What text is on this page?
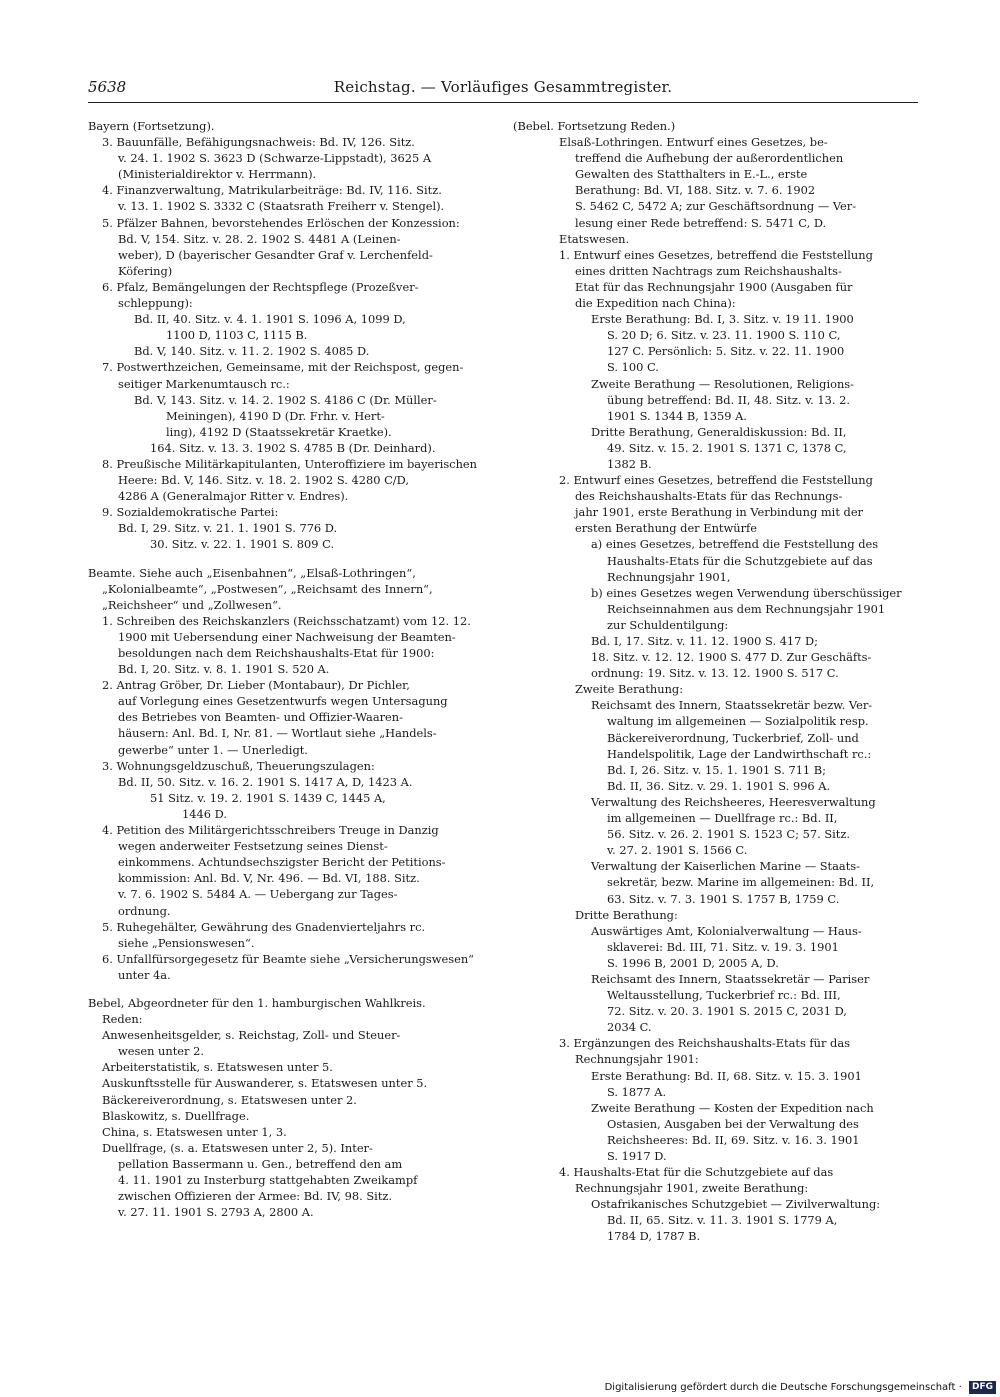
5638	Reichstag. — Vorläufiges Gesammtregister.
Bayern (Fortsetzung).
3. Bauunfälle, Befähigungsnachweis: Bd. IV, 126. Sitz.
v. 24. 1. 1902 S. 3623 D (Schwarze-Lippstadt), 3625 A
(Ministerialdirektor v. Herrmann).
4. Finanzverwaltung, Matrikularbeiträge: Bd. IV, 116. Sitz.
v. 13. 1. 1902 S. 3332 C (Staatsrath Freiherr v. Stengel).
5. Pfälzer Bahnen, bevorstehendes Erlöschen der Konzession:
Bd. V, 154. Sitz. v. 28. 2. 1902 S. 4481 A (Leinen-
weber), D (bayerischer Gesandter Graf v. Lerchenfeld-
Köfering)
6. Pfalz, Bemängelungen der Rechtspflege (Prozeßver-
schleppung):
Bd. II, 40. Sitz. v. 4. 1. 1901 S. 1096 A, 1099 D,
1100 D, 1103 C, 1115 B.
Bd. V, 140. Sitz. v. 11. 2. 1902 S. 4085 D.
7. Postwerthzeichen, Gemeinsame, mit der Reichspost, gegen-
seitiger Markenumtausch rc.:
Bd. V, 143. Sitz. v. 14. 2. 1902 S. 4186 C (Dr. Müller-
Meiningen), 4190 D (Dr. Frhr. v. Hert-
ling), 4192 D (Staatssekretär Kraetke).
164. Sitz. v. 13. 3. 1902 S. 4785 B (Dr. Deinhard).
8. Preußische Militärkapitulanten, Unteroffiziere im bayerischen
Heere: Bd. V, 146. Sitz. v. 18. 2. 1902 S. 4280 C/D,
4286 A (Generalmajor Ritter v. Endres).
9. Sozialdemokratische Partei:
Bd. I, 29. Sitz. v. 21. 1. 1901 S. 776 D.
30. Sitz. v. 22. 1. 1901 S. 809 C.
Beamte. Siehe auch „Eisenbahnen“, „Elsaß-Lothringen“,
„Kolonialbeamte“, „Postwesen“, „Reichsamt des Innern“,
„Reichsheer“ und „Zollwesen“.
1. Schreiben des Reichskanzlers (Reichsschatzamt) vom 12. 12.
1900 mit Uebersendung einer Nachweisung der Beamten-
besoldungen nach dem Reichshaushalts-Etat für 1900:
Bd. I, 20. Sitz. v. 8. 1. 1901 S. 520 A.
2. Antrag Gröber, Dr. Lieber (Montabaur), Dr Pichler,
auf Vorlegung eines Gesetzentwurfs wegen Untersagung
des Betriebes von Beamten- und Offizier-Waaren-
häusern: Anl. Bd. I, Nr. 81. — Wortlaut siehe „Handels-
gewerbe“ unter 1. — Unerledigt.
3. Wohnungsgeldzuschuß, Theuerungszulagen:
Bd. II, 50. Sitz. v. 16. 2. 1901 S. 1417 A, D, 1423 A.
51 Sitz. v. 19. 2. 1901 S. 1439 C, 1445 A,
1446 D.
4. Petition des Militärgerichtsschreibers Treuge in Danzig
wegen anderweiter Festsetzung seines Dienst-
einkommens. Achtundsechszigster Bericht der Petitions-
kommission: Anl. Bd. V, Nr. 496. — Bd. VI, 188. Sitz.
v. 7. 6. 1902 S. 5484 A. — Uebergang zur Tages-
ordnung.
5. Ruhegehälter, Gewährung des Gnadenvierteljahrs rc.
siehe „Pensionswesen“.
6. Unfallfürsorgegesetz für Beamte siehe „Versicherungswesen“
unter 4a.
Bebel, Abgeordneter für den 1. hamburgischen Wahlkreis.
Reden:
Anwesenheitsgelder, s. Reichstag, Zoll- und Steuer-
wesen unter 2.
Arbeiterstatistik, s. Etatswesen unter 5.
Auskunftsstelle für Auswanderer, s. Etatswesen unter 5.
Bäckereiverordnung, s. Etatswesen unter 2.
Blaskowitz, s. Duellfrage.
China, s. Etatswesen unter 1, 3.
Duellfrage, (s. a. Etatswesen unter 2, 5). Inter-
pellation Bassermann u. Gen., betreffend den am
4. 11. 1901 zu Insterburg stattgehabten Zweikampf
zwischen Offizieren der Armee: Bd. IV, 98. Sitz.
v. 27. 11. 1901 S. 2793 A, 2800 A.
(Bebel. Fortsetzung Reden.)
Elsaß-Lothringen. Entwurf eines Gesetzes, be-
treffend die Aufhebung der außerordentlichen
Gewalten des Statthalters in E.-L., erste
Berathung: Bd. VI, 188. Sitz. v. 7. 6. 1902
S. 5462 C, 5472 A; zur Geschäftsordnung — Ver-
lesung einer Rede betreffend: S. 5471 C, D.
Etatswesen.
1. Entwurf eines Gesetzes, betreffend die Feststellung
eines dritten Nachtrags zum Reichshaushalts-
Etat für das Rechnungsjahr 1900 (Ausgaben für
die Expedition nach China):
Erste Berathung: Bd. I, 3. Sitz. v. 19 11. 1900
S. 20 D; 6. Sitz. v. 23. 11. 1900 S. 110 C,
127 C. Persönlich: 5. Sitz. v. 22. 11. 1900
S. 100 C.
Zweite Berathung — Resolutionen, Religions-
übung betreffend: Bd. II, 48. Sitz. v. 13. 2.
1901 S. 1344 B, 1359 A.
Dritte Berathung, Generaldiskussion: Bd. II,
49. Sitz. v. 15. 2. 1901 S. 1371 C, 1378 C,
1382 B.
2. Entwurf eines Gesetzes, betreffend die Feststellung
des Reichshaushalts-Etats für das Rechnungs-
jahr 1901, erste Berathung in Verbindung mit der
ersten Berathung der Entwürfe
a) eines Gesetzes, betreffend die Feststellung des
Haushalts-Etats für die Schutzgebiete auf das
Rechnungsjahr 1901,
b) eines Gesetzes wegen Verwendung überschüssiger
Reichseinnahmen aus dem Rechnungsjahr 1901
zur Schuldentilgung:
Bd. I, 17. Sitz. v. 11. 12. 1900 S. 417 D;
18. Sitz. v. 12. 12. 1900 S. 477 D. Zur Geschäfts-
ordnung: 19. Sitz. v. 13. 12. 1900 S. 517 C.
Zweite Berathung:
Reichsamt des Innern, Staatssekretär bezw. Ver-
waltung im allgemeinen — Sozialpolitik resp.
Bäckereiverordnung, Tuckerbrief, Zoll- und
Handelspolitik, Lage der Landwirthschaft rc.:
Bd. I, 26. Sitz. v. 15. 1. 1901 S. 711 B;
Bd. II, 36. Sitz. v. 29. 1. 1901 S. 996 A.
Verwaltung des Reichsheeres, Heeresverwaltung
im allgemeinen — Duellfrage rc.: Bd. II,
56. Sitz. v. 26. 2. 1901 S. 1523 C; 57. Sitz.
v. 27. 2. 1901 S. 1566 C.
Verwaltung der Kaiserlichen Marine — Staats-
sekretär, bezw. Marine im allgemeinen: Bd. II,
63. Sitz. v. 7. 3. 1901 S. 1757 B, 1759 C.
Dritte Berathung:
Auswärtiges Amt, Kolonialverwaltung — Haus-
sklaverei: Bd. III, 71. Sitz. v. 19. 3. 1901
S. 1996 B, 2001 D, 2005 A, D.
Reichsamt des Innern, Staatssekretär — Pariser
Weltausstellung, Tuckerbrief rc.: Bd. III,
72. Sitz. v. 20. 3. 1901 S. 2015 C, 2031 D,
2034 C.
3. Ergänzungen des Reichshaushalts-Etats für das
Rechnungsjahr 1901:
Erste Berathung: Bd. II, 68. Sitz. v. 15. 3. 1901
S. 1877 A.
Zweite Berathung — Kosten der Expedition nach
Ostasien, Ausgaben bei der Verwaltung des
Reichsheeres: Bd. II, 69. Sitz. v. 16. 3. 1901
S. 1917 D.
4. Haushalts-Etat für die Schutzgebiete auf das
Rechnungsjahr 1901, zweite Berathung:
Ostafrikanisches Schutzgebiet — Zivilverwaltung:
Bd. II, 65. Sitz. v. 11. 3. 1901 S. 1779 A,
1784 D, 1787 B.
Digitalisierung gefördert durch die Deutsche Forschungsgemeinschaft · DFG
